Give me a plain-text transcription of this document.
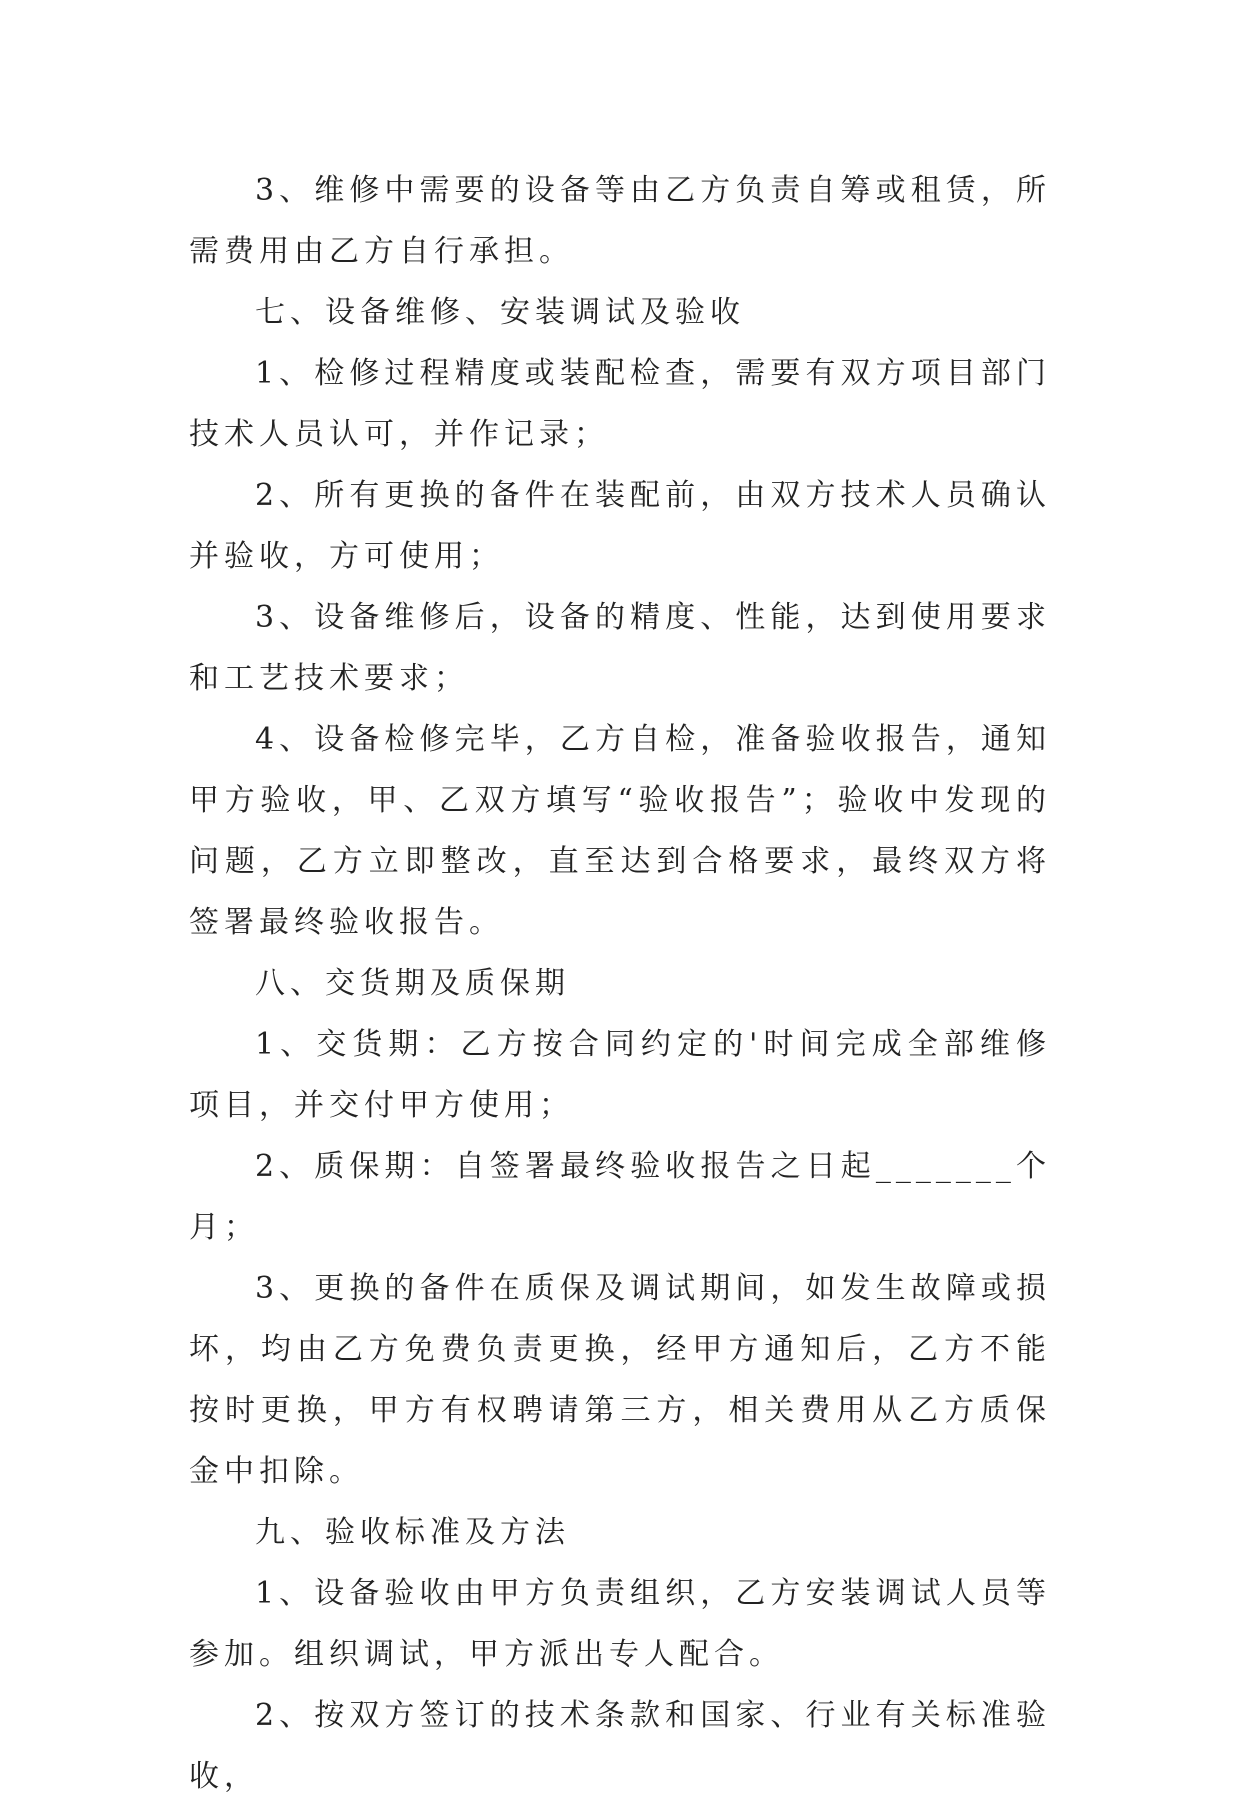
3、维修中需要的设备等由乙方负责自筹或租赁，所需费用由乙方自行承担。

七、设备维修、安装调试及验收

1、检修过程精度或装配检查，需要有双方项目部门技术人员认可，并作记录；

2、所有更换的备件在装配前，由双方技术人员确认并验收，方可使用；

3、设备维修后，设备的精度、性能，达到使用要求和工艺技术要求；

4、设备检修完毕，乙方自检，准备验收报告，通知甲方验收，甲、乙双方填写“验收报告”；验收中发现的问题，乙方立即整改，直至达到合格要求，最终双方将签署最终验收报告。

八、交货期及质保期

1、交货期：乙方按合同约定的'时间完成全部维修项目，并交付甲方使用；

2、质保期：自签署最终验收报告之日起_______个月；

3、更换的备件在质保及调试期间，如发生故障或损坏，均由乙方免费负责更换，经甲方通知后，乙方不能按时更换，甲方有权聘请第三方，相关费用从乙方质保金中扣除。

九、验收标准及方法

1、设备验收由甲方负责组织，乙方安装调试人员等参加。组织调试，甲方派出专人配合。

2、按双方签订的技术条款和国家、行业有关标准验收，
